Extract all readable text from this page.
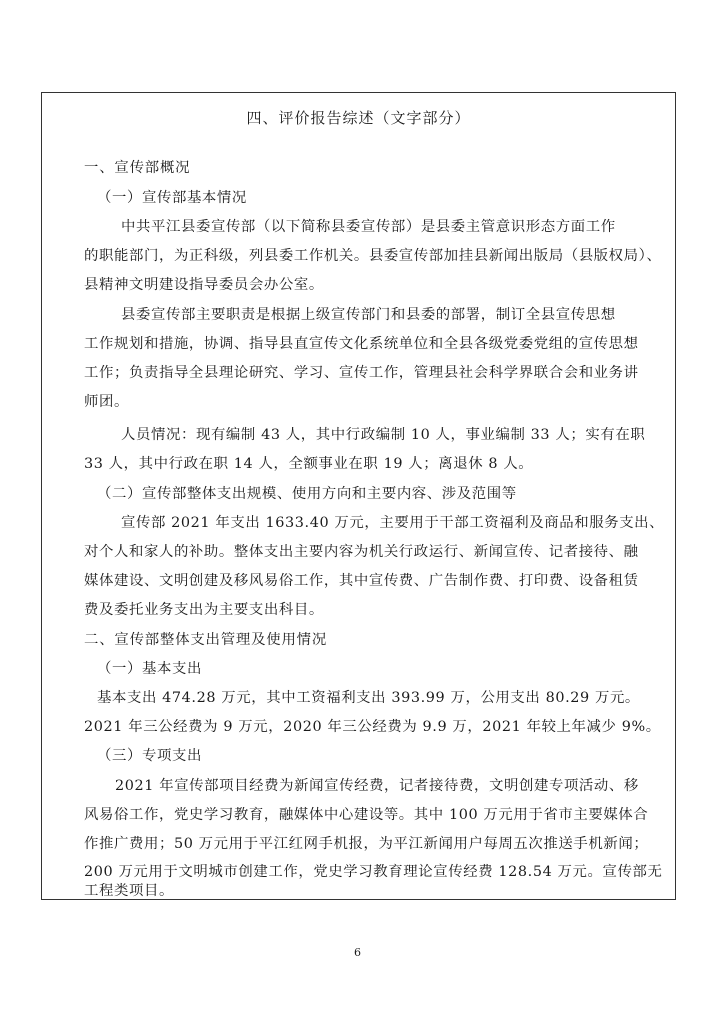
四、评价报告综述（文字部分）
一、宣传部概况
（一）宣传部基本情况
中共平江县委宣传部（以下简称县委宣传部）是县委主管意识形态方面工作
的职能部门，为正科级，列县委工作机关。县委宣传部加挂县新闻出版局（县版权局）、
县精神文明建设指导委员会办公室。
县委宣传部主要职责是根据上级宣传部门和县委的部署，制订全县宣传思想
工作规划和措施，协调、指导县直宣传文化系统单位和全县各级党委党组的宣传思想
工作；负责指导全县理论研究、学习、宣传工作，管理县社会科学界联合会和业务讲
师团。
人员情况：现有编制 43 人，其中行政编制 10 人，事业编制 33 人；实有在职
33 人，其中行政在职 14 人，全额事业在职 19 人；离退休 8 人。
（二）宣传部整体支出规模、使用方向和主要内容、涉及范围等
宣传部 2021 年支出 1633.40 万元，主要用于干部工资福利及商品和服务支出、
对个人和家人的补助。整体支出主要内容为机关行政运行、新闻宣传、记者接待、融
媒体建设、文明创建及移风易俗工作，其中宣传费、广告制作费、打印费、设备租赁
费及委托业务支出为主要支出科目。
二、宣传部整体支出管理及使用情况
（一）基本支出
基本支出 474.28 万元，其中工资福利支出 393.99 万，公用支出 80.29 万元。
2021 年三公经费为 9 万元，2020 年三公经费为 9.9 万，2021 年较上年减少 9%。
（三）专项支出
2021 年宣传部项目经费为新闻宣传经费，记者接待费，文明创建专项活动、移
风易俗工作，党史学习教育，融媒体中心建设等。其中 100 万元用于省市主要媒体合
作推广费用；50 万元用于平江红网手机报，为平江新闻用户每周五次推送手机新闻；
200 万元用于文明城市创建工作，党史学习教育理论宣传经费 128.54 万元。宣传部无
工程类项目。
6
